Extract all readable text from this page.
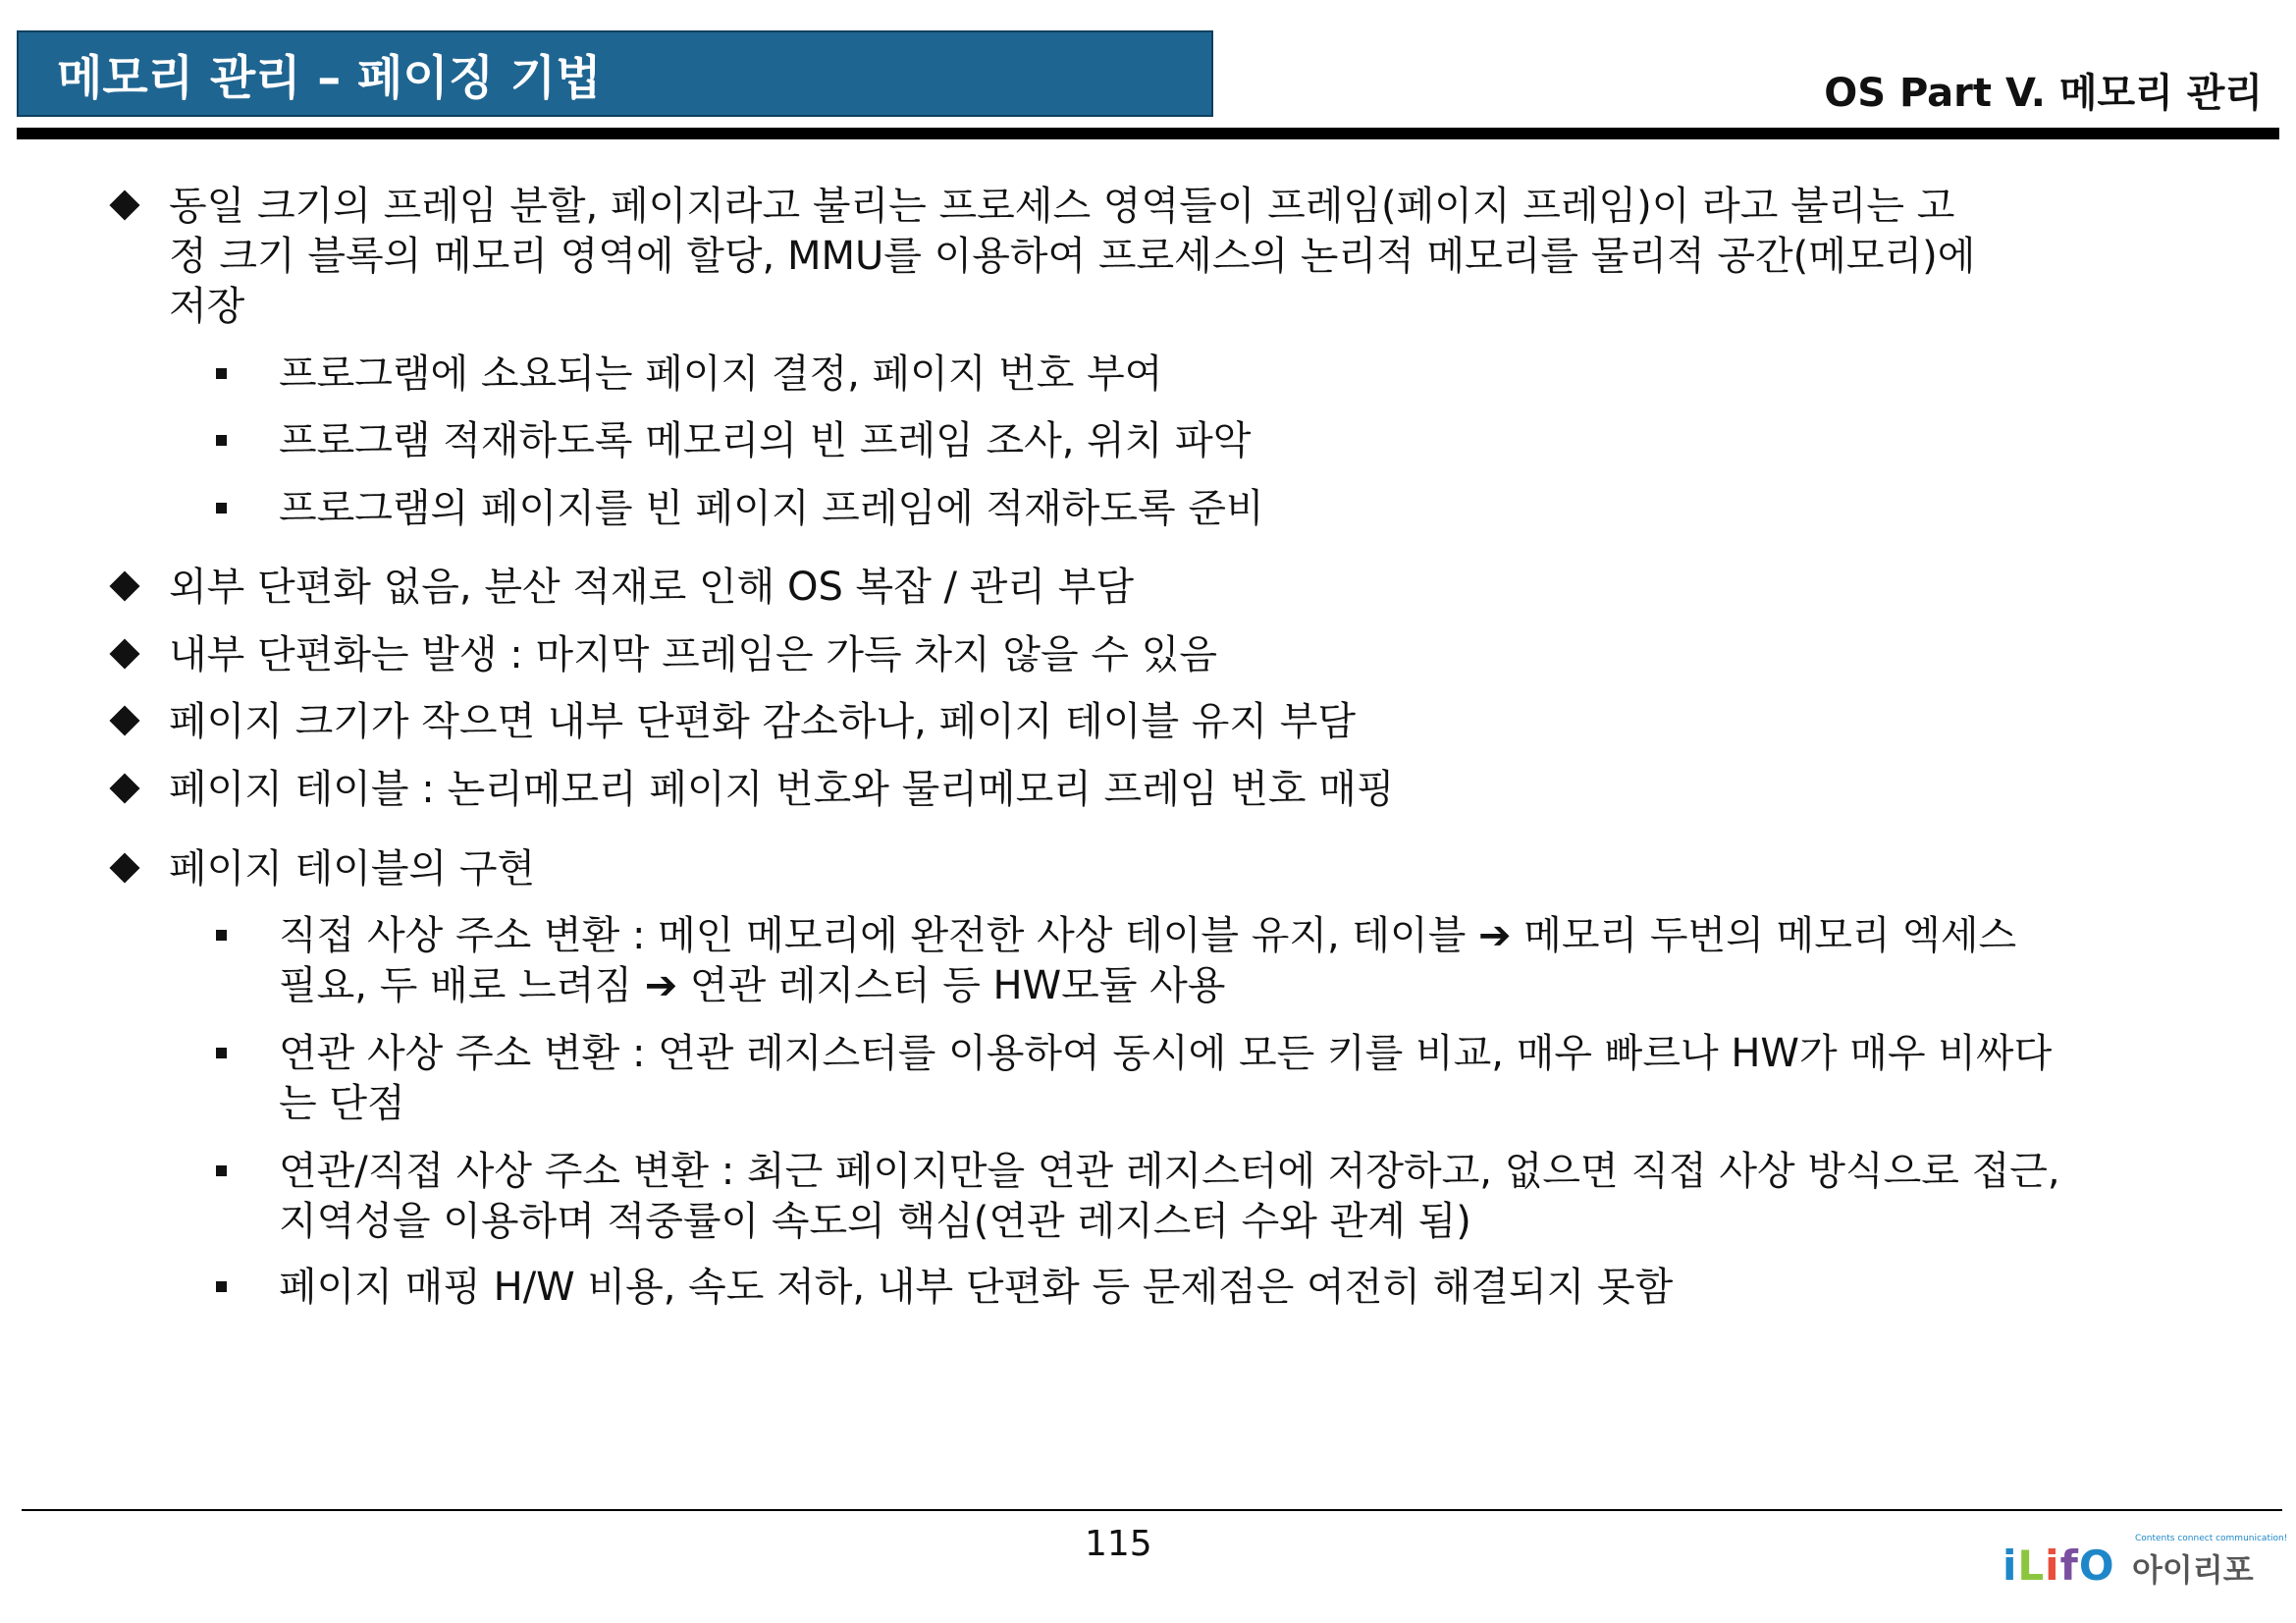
메모리 관리 – 페이징 기법	OS Part V. 메모리 관리
동일 크기의 프레임 분할, 페이지라고 불리는 프로세스 영역들이 프레임(페이지 프레임)이 라고 불리는 고
정 크기 블록의 메모리 영역에 할당, MMU를 이용하여 프로세스의 논리적 메모리를 물리적 공간(메모리)에
저장
프로그램에 소요되는 페이지 결정, 페이지 번호 부여
프로그램 적재하도록 메모리의 빈 프레임 조사, 위치 파악
프로그램의 페이지를 빈 페이지 프레임에 적재하도록 준비
외부 단편화 없음, 분산 적재로 인해 OS 복잡 / 관리 부담
내부 단편화는 발생 : 마지막 프레임은 가득 차지 않을 수 있음
페이지 크기가 작으면 내부 단편화 감소하나, 페이지 테이블 유지 부담
페이지 테이블 : 논리메모리 페이지 번호와 물리메모리 프레임 번호 매핑
페이지 테이블의 구현
직접 사상 주소 변환 : 메인 메모리에 완전한 사상 테이블 유지, 테이블 ➔ 메모리 두번의 메모리 엑세스
필요, 두 배로 느려짐 ➔ 연관 레지스터 등 HW모듈 사용
연관 사상 주소 변환 : 연관 레지스터를 이용하여 동시에 모든 키를 비교, 매우 빠르나 HW가 매우 비싸다
는 단점
연관/직접 사상 주소 변환 : 최근 페이지만을 연관 레지스터에 저장하고, 없으면 직접 사상 방식으로 접근,
지역성을 이용하며 적중률이 속도의 핵심(연관 레지스터 수와 관계 됨)
페이지 매핑 H/W 비용, 속도 저하, 내부 단편화 등 문제점은 여전히 해결되지 못함
115	iLifO
Contents connect communication!
아이리포
